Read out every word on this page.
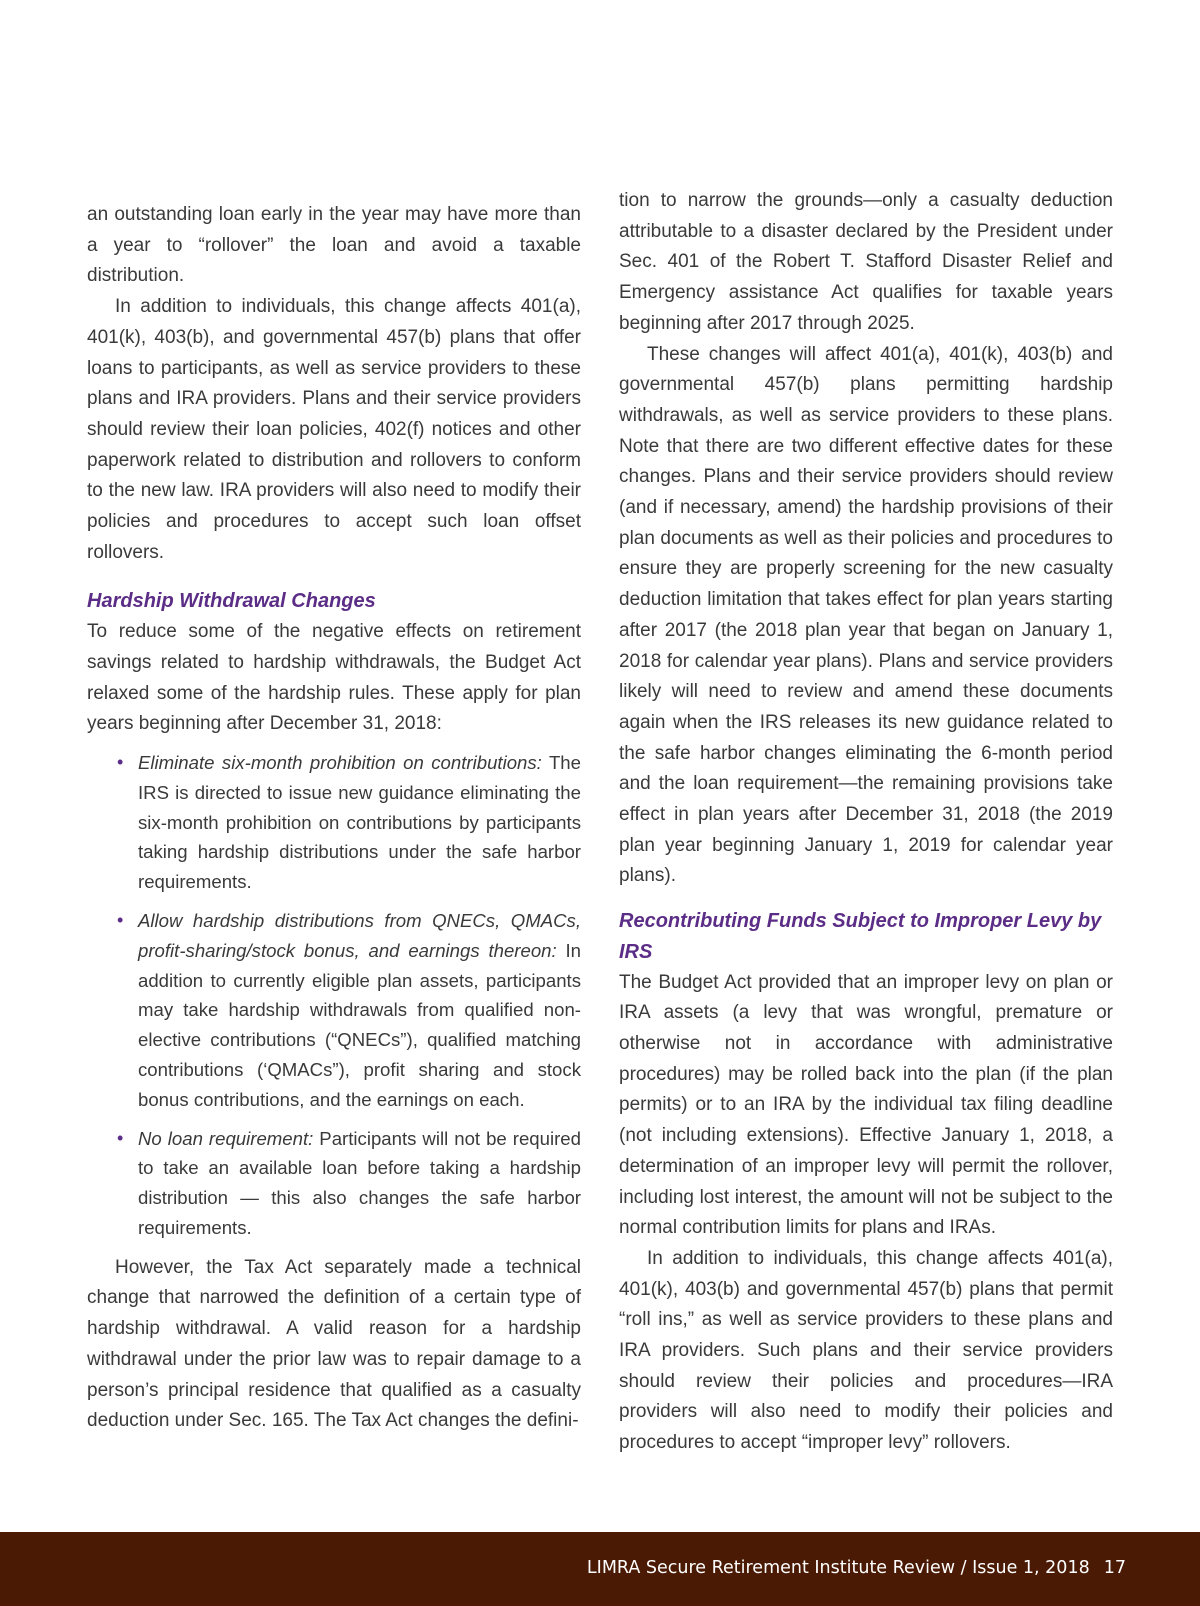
an outstanding loan early in the year may have more than a year to “rollover” the loan and avoid a taxable distribution.

In addition to individuals, this change affects 401(a), 401(k), 403(b), and governmental 457(b) plans that offer loans to participants, as well as service providers to these plans and IRA providers. Plans and their service providers should review their loan policies, 402(f) notices and other paperwork related to distribution and rollovers to conform to the new law. IRA providers will also need to modify their policies and procedures to accept such loan offset rollovers.

Hardship Withdrawal Changes

To reduce some of the negative effects on retirement savings related to hardship withdrawals, the Budget Act relaxed some of the hardship rules. These apply for plan years beginning after December 31, 2018:

• Eliminate six-month prohibition on contributions: The IRS is directed to issue new guidance eliminating the six-month prohibition on contributions by participants taking hardship distributions under the safe harbor requirements.
• Allow hardship distributions from QNECs, QMACs, profit-sharing/stock bonus, and earnings thereon: In addition to currently eligible plan assets, participants may take hardship withdrawals from qualified non-elective contributions (“QNECs”), qualified matching contributions (‘QMACs”), profit sharing and stock bonus contributions, and the earnings on each.
• No loan requirement: Participants will not be required to take an available loan before taking a hardship distribution — this also changes the safe harbor requirements.

However, the Tax Act separately made a technical change that narrowed the definition of a certain type of hardship withdrawal. A valid reason for a hardship withdrawal under the prior law was to repair damage to a person’s principal residence that qualified as a casualty deduction under Sec. 165. The Tax Act changes the defini-

tion to narrow the grounds—only a casualty deduction attributable to a disaster declared by the President under Sec. 401 of the Robert T. Stafford Disaster Relief and Emergency assistance Act qualifies for taxable years beginning after 2017 through 2025.

These changes will affect 401(a), 401(k), 403(b) and governmental 457(b) plans permitting hardship withdrawals, as well as service providers to these plans. Note that there are two different effective dates for these changes. Plans and their service providers should review (and if necessary, amend) the hardship provisions of their plan documents as well as their policies and procedures to ensure they are properly screening for the new casualty deduction limitation that takes effect for plan years starting after 2017 (the 2018 plan year that began on January 1, 2018 for calendar year plans). Plans and service providers likely will need to review and amend these documents again when the IRS releases its new guidance related to the safe harbor changes eliminating the 6-month period and the loan requirement—the remaining provisions take effect in plan years after December 31, 2018 (the 2019 plan year beginning January 1, 2019 for calendar year plans).

Recontributing Funds Subject to Improper Levy by IRS

The Budget Act provided that an improper levy on plan or IRA assets (a levy that was wrongful, premature or otherwise not in accordance with administrative procedures) may be rolled back into the plan (if the plan permits) or to an IRA by the individual tax filing deadline (not including extensions). Effective January 1, 2018, a determination of an improper levy will permit the rollover, including lost interest, the amount will not be subject to the normal contribution limits for plans and IRAs.

In addition to individuals, this change affects 401(a), 401(k), 403(b) and governmental 457(b) plans that permit “roll ins,” as well as service providers to these plans and IRA providers. Such plans and their service providers should review their policies and procedures—IRA providers will also need to modify their policies and procedures to accept “improper levy” rollovers.

LIMRA Secure Retirement Institute Review / Issue 1, 2018 17
